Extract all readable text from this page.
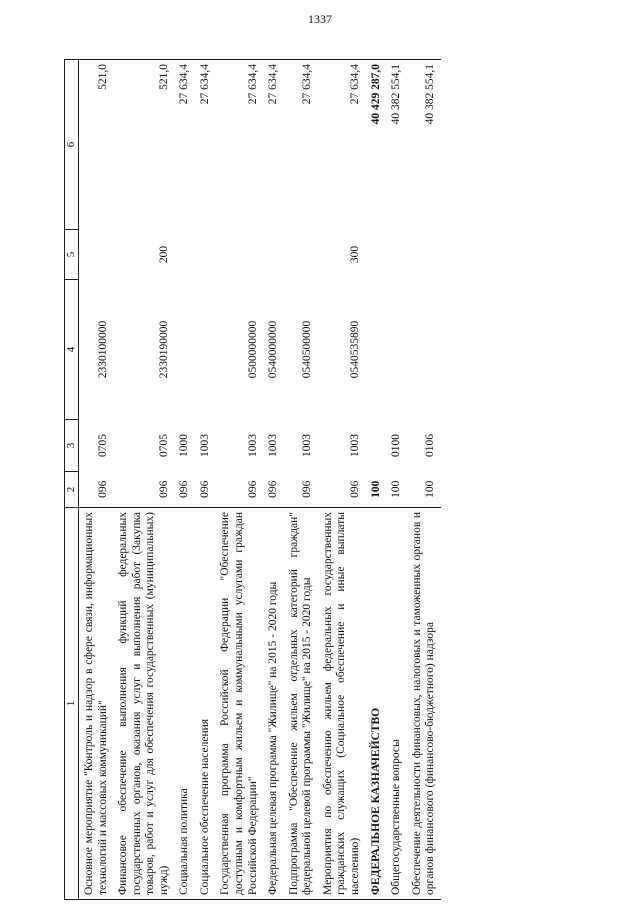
1337
1	2	3	4	5	6
Основное мероприятие "Контроль и надзор в сфере связи, информационных технологий и массовых коммуникаций"	096	0705	2330100000		521,0
Финансовое обеспечение выполнения функций федеральных государственных органов, оказания услуг и выполнения работ (Закупка товаров, работ и услуг для обеспечения государственных (муниципальных) нужд)	096	0705	2330190000	200	521,0
Социальная политика	096	1000			27 634,4
Социальное обеспечение населения	096	1003			27 634,4
Государственная программа Российской Федерации "Обеспечение доступным и комфортным жильем и коммунальными услугами граждан Российской Федерации"	096	1003	0500000000		27 634,4
Федеральная целевая программа "Жилище" на 2015 - 2020 годы	096	1003	0540000000		27 634,4
Подпрограмма "Обеспечение жильем отдельных категорий граждан" федеральной целевой программы "Жилище" на 2015 - 2020 годы	096	1003	0540500000		27 634,4
Мероприятия по обеспечению жильем федеральных государственных гражданских служащих (Социальное обеспечение и иные выплаты населению)	096	1003	0540535890	300	27 634,4
ФЕДЕРАЛЬНОЕ КАЗНАЧЕЙСТВО	100				40 429 287,0
Общегосударственные вопросы	100	0100			40 382 554,1
Обеспечение деятельности финансовых, налоговых и таможенных органов и органов финансового (финансово-бюджетного) надзора	100	0106			40 382 554,1
